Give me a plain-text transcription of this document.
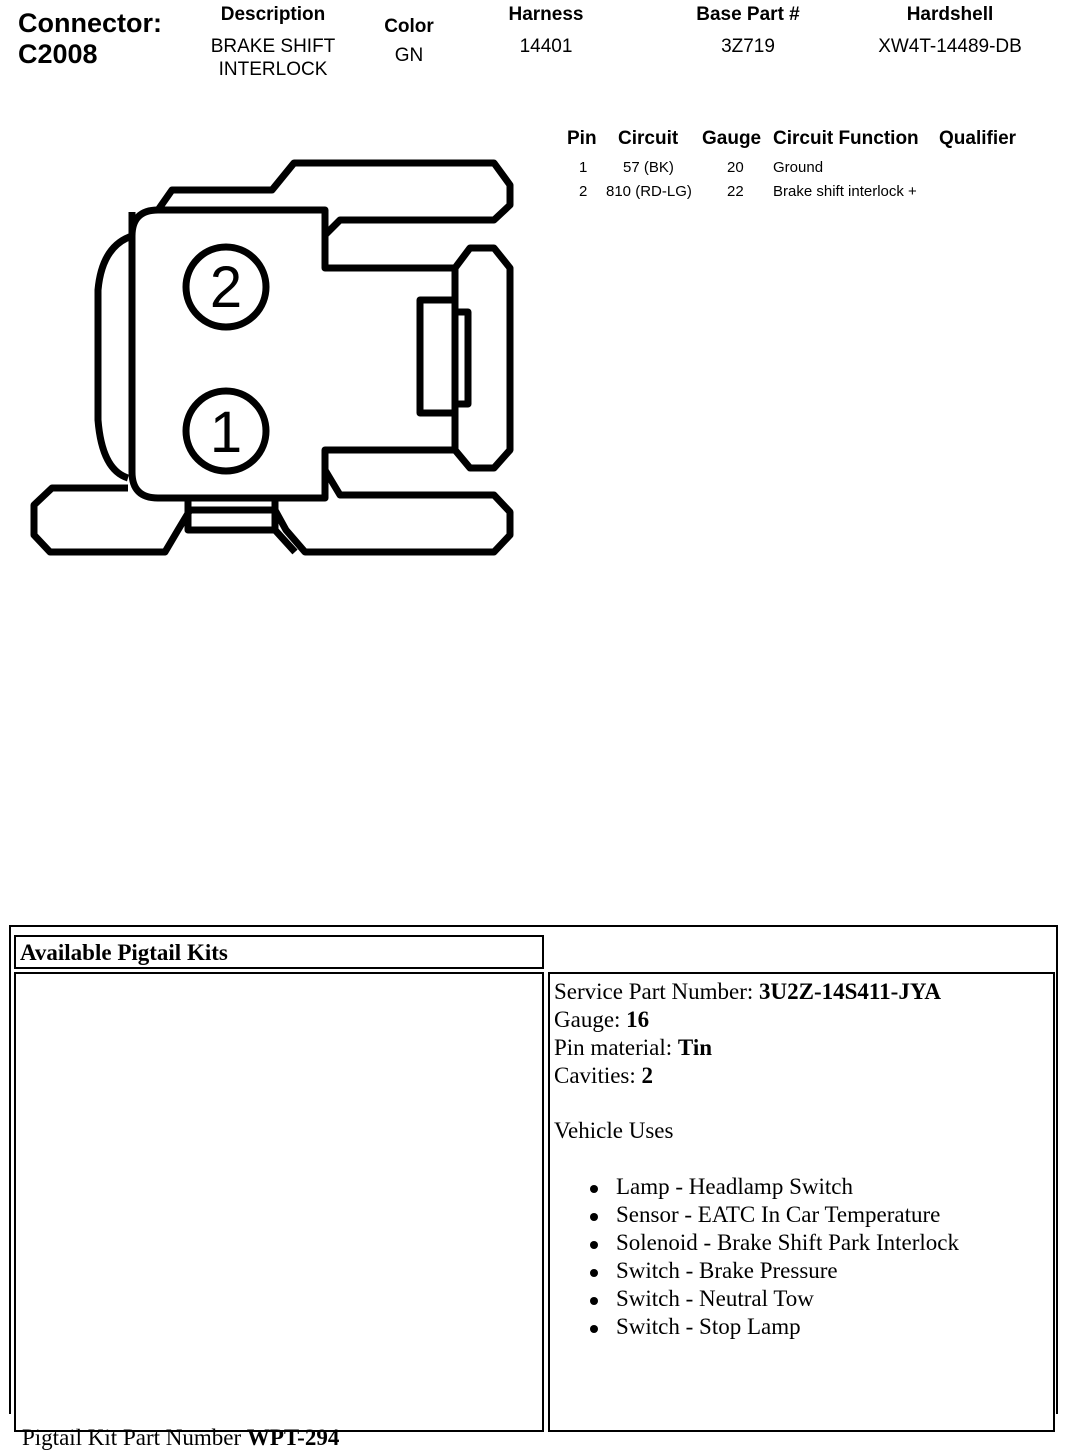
Connector:
C2008
Description
BRAKE SHIFT
INTERLOCK
Color
GN
Harness
14401
Base Part #
3Z719
Hardshell
XW4T-14489-DB
2
1
Pin Circuit Gauge Circuit Function Qualifier
1 57 (BK)	20 Ground
2 810 (RD-LG) 22 Brake shift interlock +
Available Pigtail Kits
Pigtail Kit Part Number WPT-294
Service Part Number: 3U2Z-14S411-JYA
Gauge: 16
Pin material: Tin
Cavities: 2
Vehicle Uses
Lamp - Headlamp Switch
Sensor - EATC In Car Temperature
Solenoid - Brake Shift Park Interlock
Switch - Brake Pressure
Switch - Neutral Tow
Switch - Stop Lamp
